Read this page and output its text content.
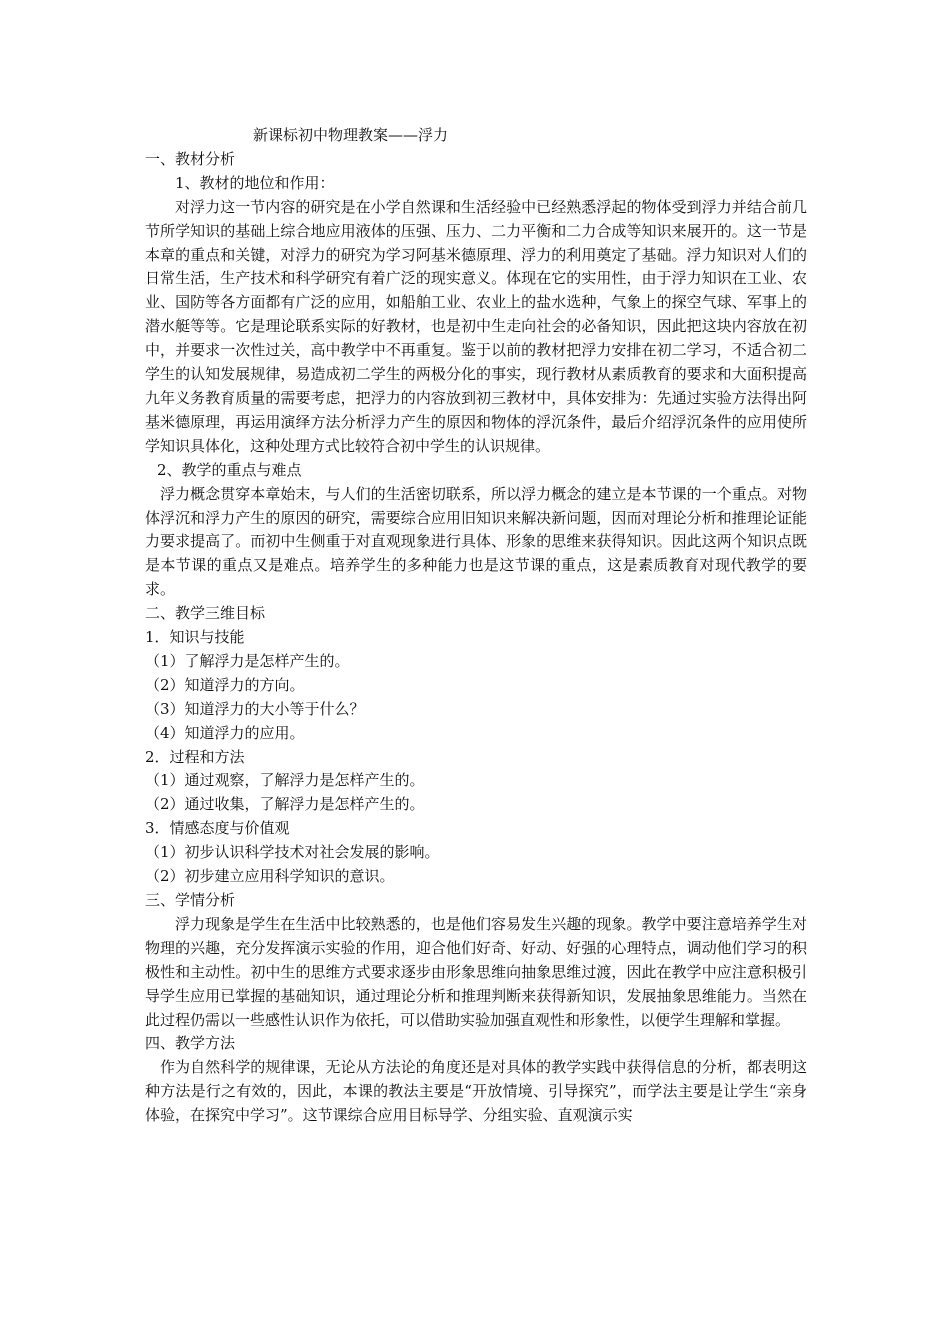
新课标初中物理教案——浮力

一、教材分析

1、教材的地位和作用：

对浮力这一节内容的研究是在小学自然课和生活经验中已经熟悉浮起的物体受到浮力并结合前几节所学知识的基础上综合地应用液体的压强、压力、二力平衡和二力合成等知识来展开的。这一节是本章的重点和关键，对浮力的研究为学习阿基米德原理、浮力的利用奠定了基础。浮力知识对人们的日常生活，生产技术和科学研究有着广泛的现实意义。体现在它的实用性，由于浮力知识在工业、农业、国防等各方面都有广泛的应用，如船舶工业、农业上的盐水选种，气象上的探空气球、军事上的潜水艇等等。它是理论联系实际的好教材，也是初中生走向社会的必备知识，因此把这块内容放在初中，并要求一次性过关，高中教学中不再重复。鉴于以前的教材把浮力安排在初二学习，不适合初二学生的认知发展规律，易造成初二学生的两极分化的事实，现行教材从素质教育的要求和大面积提高九年义务教育质量的需要考虑，把浮力的内容放到初三教材中，具体安排为：先通过实验方法得出阿基米德原理，再运用演绎方法分析浮力产生的原因和物体的浮沉条件，最后介绍浮沉条件的应用使所学知识具体化，这种处理方式比较符合初中学生的认识规律。

2、教学的重点与难点

浮力概念贯穿本章始末，与人们的生活密切联系，所以浮力概念的建立是本节课的一个重点。对物体浮沉和浮力产生的原因的研究，需要综合应用旧知识来解决新问题，因而对理论分析和推理论证能力要求提高了。而初中生侧重于对直观现象进行具体、形象的思维来获得知识。因此这两个知识点既是本节课的重点又是难点。培养学生的多种能力也是这节课的重点，这是素质教育对现代教学的要求。

二、教学三维目标

1．知识与技能

（1）了解浮力是怎样产生的。

（2）知道浮力的方向。

（3）知道浮力的大小等于什么？

（4）知道浮力的应用。

2．过程和方法

（1）通过观察，了解浮力是怎样产生的。

（2）通过收集，了解浮力是怎样产生的。

3．情感态度与价值观

（1）初步认识科学技术对社会发展的影响。

（2）初步建立应用科学知识的意识。

三、学情分析

浮力现象是学生在生活中比较熟悉的，也是他们容易发生兴趣的现象。教学中要注意培养学生对物理的兴趣，充分发挥演示实验的作用，迎合他们好奇、好动、好强的心理特点，调动他们学习的积极性和主动性。初中生的思维方式要求逐步由形象思维向抽象思维过渡，因此在教学中应注意积极引导学生应用已掌握的基础知识，通过理论分析和推理判断来获得新知识，发展抽象思维能力。当然在此过程仍需以一些感性认识作为依托，可以借助实验加强直观性和形象性，以便学生理解和掌握。

四、教学方法

作为自然科学的规律课，无论从方法论的角度还是对具体的教学实践中获得信息的分析，都表明这种方法是行之有效的，因此，本课的教法主要是“开放情境、引导探究”，而学法主要是让学生“亲身体验，在探究中学习”。这节课综合应用目标导学、分组实验、直观演示实
